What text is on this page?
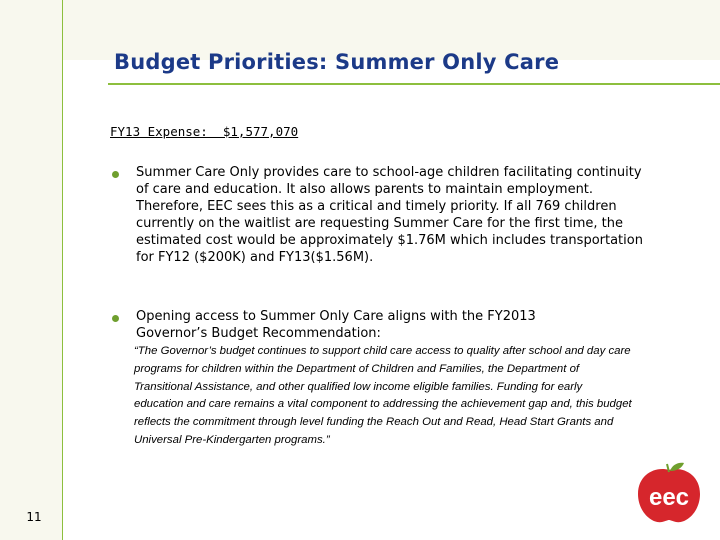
Budget Priorities: Summer Only Care
FY13 Expense:  $1,577,070
Summer Care Only provides care to school-age children facilitating continuity of care and education. It also allows parents to maintain employment. Therefore, EEC sees this as a critical and timely priority. If all 769 children currently on the waitlist are requesting Summer Care for the first time, the estimated cost would be approximately $1.76M which includes transportation for FY12 ($200K) and FY13($1.56M).
Opening access to Summer Only Care aligns with the FY2013 Governor’s Budget Recommendation:
“The Governor’s budget continues to support child care access to quality after school and day care programs for children within the Department of Children and Families, the Department of Transitional Assistance, and other qualified low income eligible families. Funding for early education and care remains a vital component to addressing the achievement gap and, this budget reflects the commitment through level funding the Reach Out and Read, Head Start Grants and Universal Pre-Kindergarten programs.”
11
eec
